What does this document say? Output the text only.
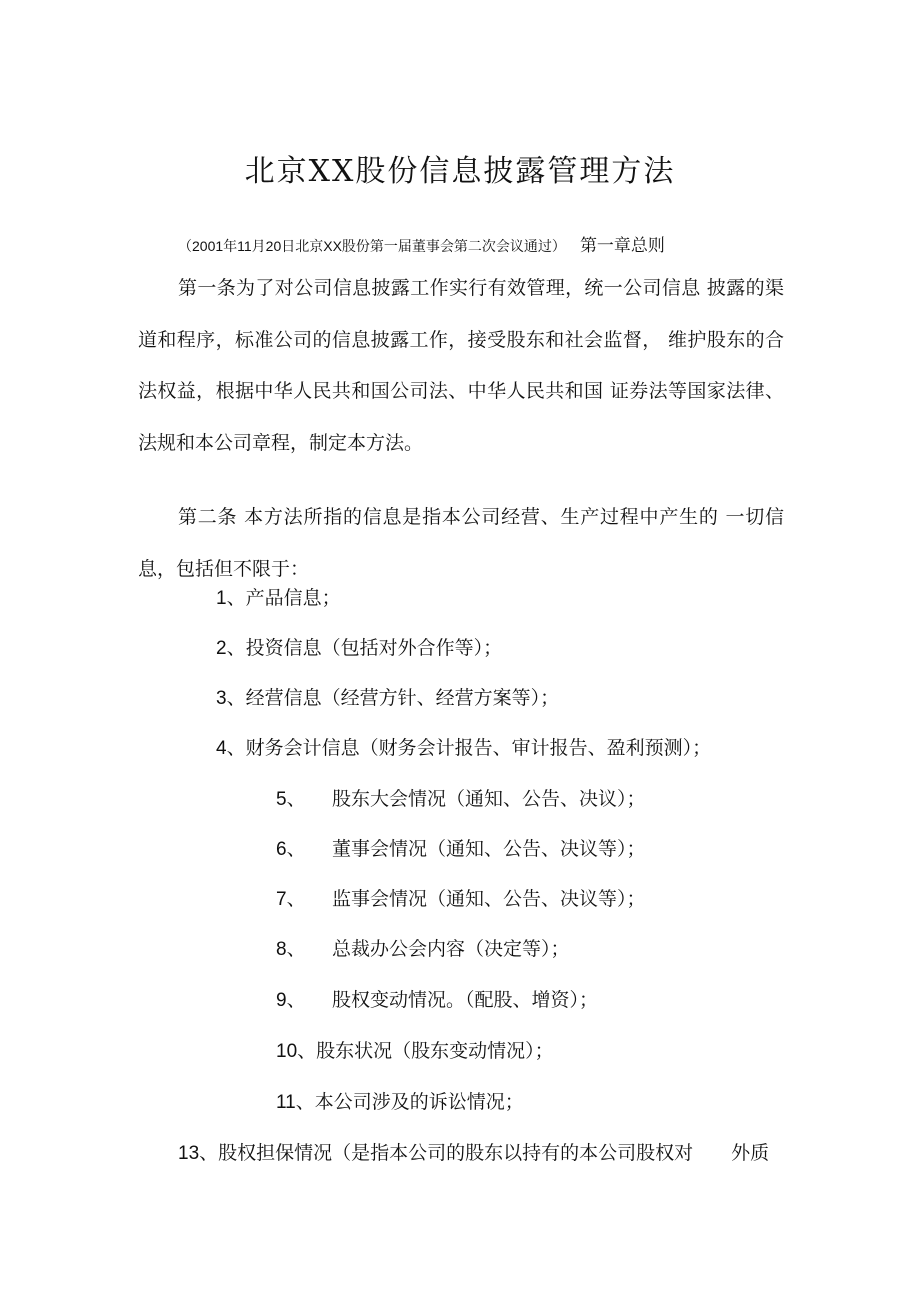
北京XX股份信息披露管理方法
（2001年11月20日北京XX股份第一届董事会第二次会议通过） 第一章总则

第一条为了对公司信息披露工作实行有效管理，统一公司信息 披露的渠道和程序，标准公司的信息披露工作，接受股东和社会监督， 维护股东的合法权益，根据中华人民共和国公司法、中华人民共和国 证券法等国家法律、法规和本公司章程，制定本方法。

第二条 本方法所指的信息是指本公司经营、生产过程中产生的 一切信息，包括但不限于：

1、产品信息；
2、投资信息（包括对外合作等）；
3、经营信息（经营方针、经营方案等）；
4、财务会计信息（财务会计报告、审计报告、盈利预测）；
5、 股东大会情况（通知、公告、决议）；
6、 董事会情况（通知、公告、决议等）；
7、 监事会情况（通知、公告、决议等）；
8、 总裁办公会内容（决定等）；
9、 股权变动情况。（配股、增资）；
10、股东状况（股东变动情况）；
11、本公司涉及的诉讼情况；
13、股权担保情况（是指本公司的股东以持有的本公司股权对 外质
